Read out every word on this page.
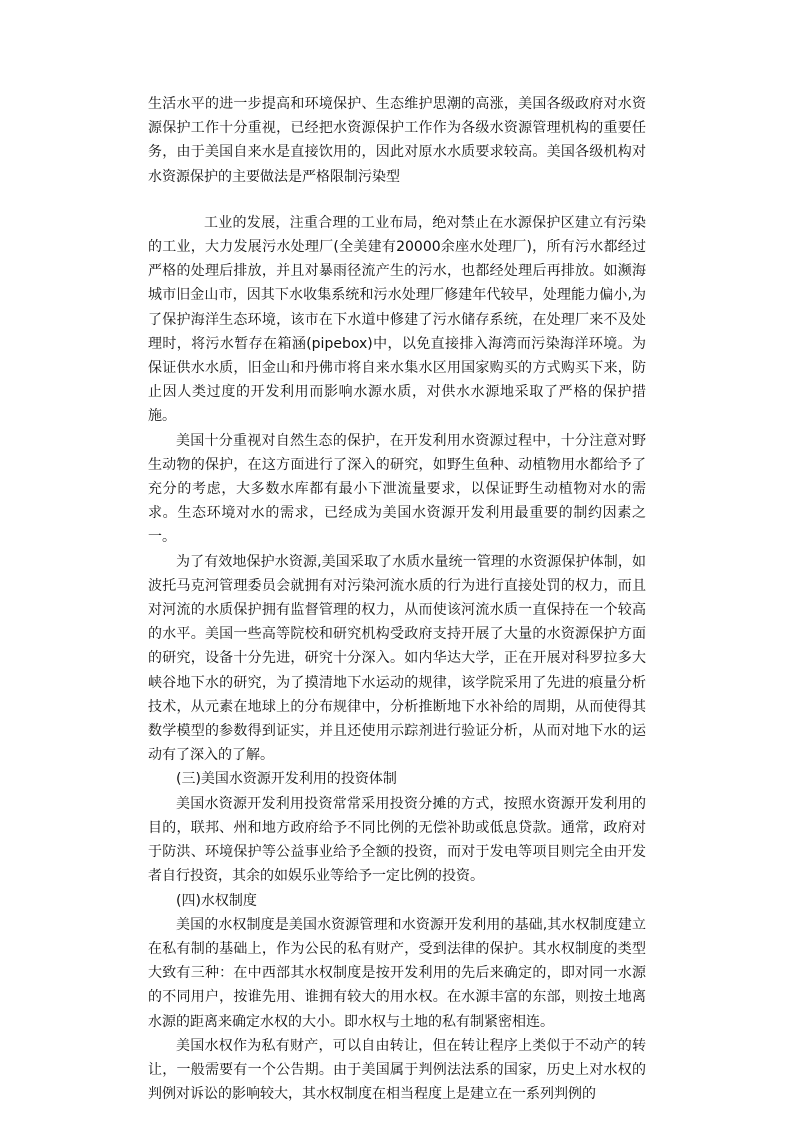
生活水平的进一步提高和环境保护、生态维护思潮的高涨，美国各级政府对水资源保护工作十分重视，已经把水资源保护工作作为各级水资源管理机构的重要任务，由于美国自来水是直接饮用的，因此对原水水质要求较高。美国各级机构对水资源保护的主要做法是严格限制污染型

工业的发展，注重合理的工业布局，绝对禁止在水源保护区建立有污染的工业，大力发展污水处理厂(全美建有20000余座水处理厂)，所有污水都经过严格的处理后排放，并且对暴雨径流产生的污水，也都经处理后再排放。如濒海城市旧金山市，因其下水收集系统和污水处理厂修建年代较早，处理能力偏小,为了保护海洋生态环境，该市在下水道中修建了污水储存系统，在处理厂来不及处理时，将污水暂存在箱涵(pipebox)中，以免直接排入海湾而污染海洋环境。为保证供水水质，旧金山和丹佛市将自来水集水区用国家购买的方式购买下来，防止因人类过度的开发利用而影响水源水质，对供水水源地采取了严格的保护措施。

美国十分重视对自然生态的保护，在开发利用水资源过程中，十分注意对野生动物的保护，在这方面进行了深入的研究，如野生鱼种、动植物用水都给予了充分的考虑，大多数水库都有最小下泄流量要求，以保证野生动植物对水的需求。生态环境对水的需求，已经成为美国水资源开发利用最重要的制约因素之一。

为了有效地保护水资源,美国采取了水质水量统一管理的水资源保护体制，如波托马克河管理委员会就拥有对污染河流水质的行为进行直接处罚的权力，而且对河流的水质保护拥有监督管理的权力，从而使该河流水质一直保持在一个较高的水平。美国一些高等院校和研究机构受政府支持开展了大量的水资源保护方面的研究，设备十分先进，研究十分深入。如内华达大学，正在开展对科罗拉多大峡谷地下水的研究，为了摸清地下水运动的规律，该学院采用了先进的痕量分析技术，从元素在地球上的分布规律中，分析推断地下水补给的周期，从而使得其数学模型的参数得到证实，并且还使用示踪剂进行验证分析，从而对地下水的运动有了深入的了解。

(三)美国水资源开发利用的投资体制

美国水资源开发利用投资常常采用投资分摊的方式，按照水资源开发利用的目的，联邦、州和地方政府给予不同比例的无偿补助或低息贷款。通常，政府对于防洪、环境保护等公益事业给予全额的投资，而对于发电等项目则完全由开发者自行投资，其余的如娱乐业等给予一定比例的投资。

(四)水权制度

美国的水权制度是美国水资源管理和水资源开发利用的基础,其水权制度建立在私有制的基础上，作为公民的私有财产，受到法律的保护。其水权制度的类型大致有三种：在中西部其水权制度是按开发利用的先后来确定的，即对同一水源的不同用户，按谁先用、谁拥有较大的用水权。在水源丰富的东部，则按土地离水源的距离来确定水权的大小。即水权与土地的私有制紧密相连。

美国水权作为私有财产，可以自由转让，但在转让程序上类似于不动产的转让，一般需要有一个公告期。由于美国属于判例法法系的国家，历史上对水权的判例对诉讼的影响较大，其水权制度在相当程度上是建立在一系列判例的
